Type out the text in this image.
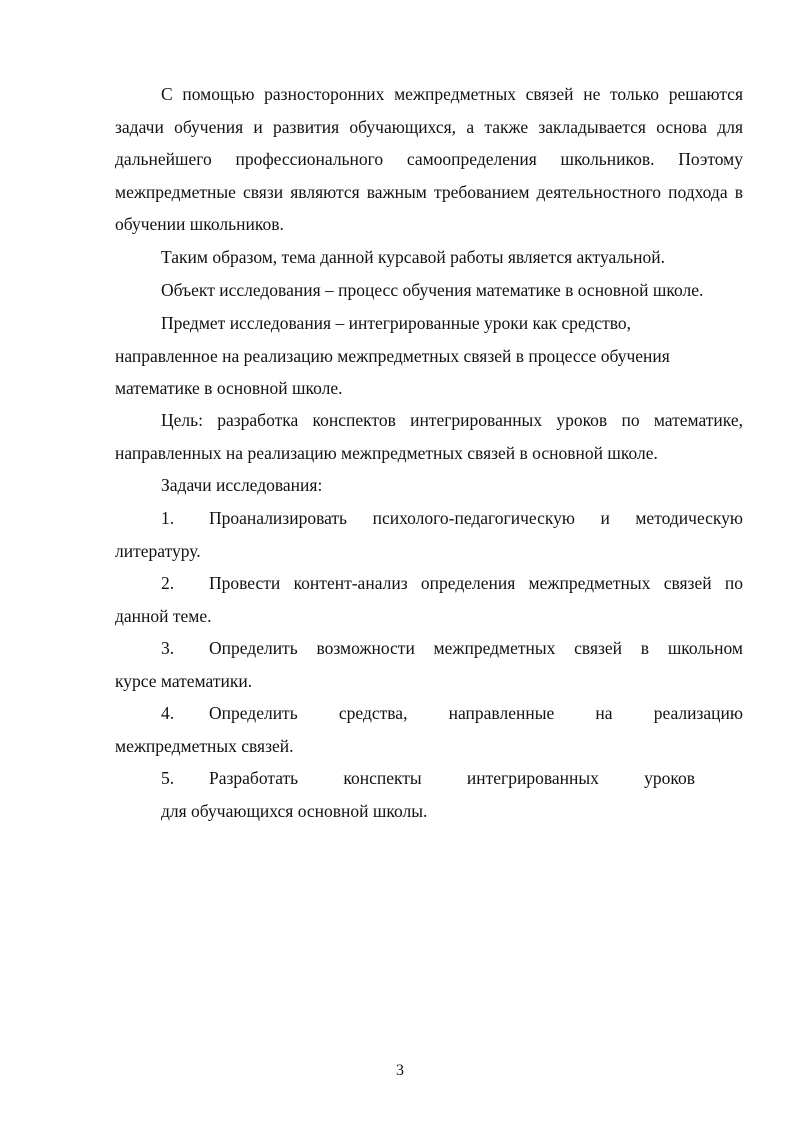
С помощью разносторонних межпредметных связей не только решаются задачи обучения и развития обучающихся, а также закладывается основа для дальнейшего профессионального самоопределения школьников. Поэтому межпредметные связи являются важным требованием деятельностного подхода в обучении школьников.

Таким образом, тема данной курсавой работы является актуальной.

Объект исследования – процесс обучения математике в основной школе.

Предмет исследования – интегрированные уроки как средство,
направленное на реализацию межпредметных связей в процессе обучения
математике в основной школе.

Цель: разработка конспектов интегрированных уроков по математике, направленных на реализацию межпредметных связей в основной школе.

Задачи исследования:

1.	Проанализировать психолого-педагогическую и методическую
литературу.
2.	Провести контент-анализ определения межпредметных связей по
данной теме.
3.	Определить возможности межпредметных связей в школьном
курсе математики.
4.	Определить средства, направленные на реализацию
межпредметных связей.
5.	Разработать конспекты интегрированных уроков
для обучающихся основной школы.
3
